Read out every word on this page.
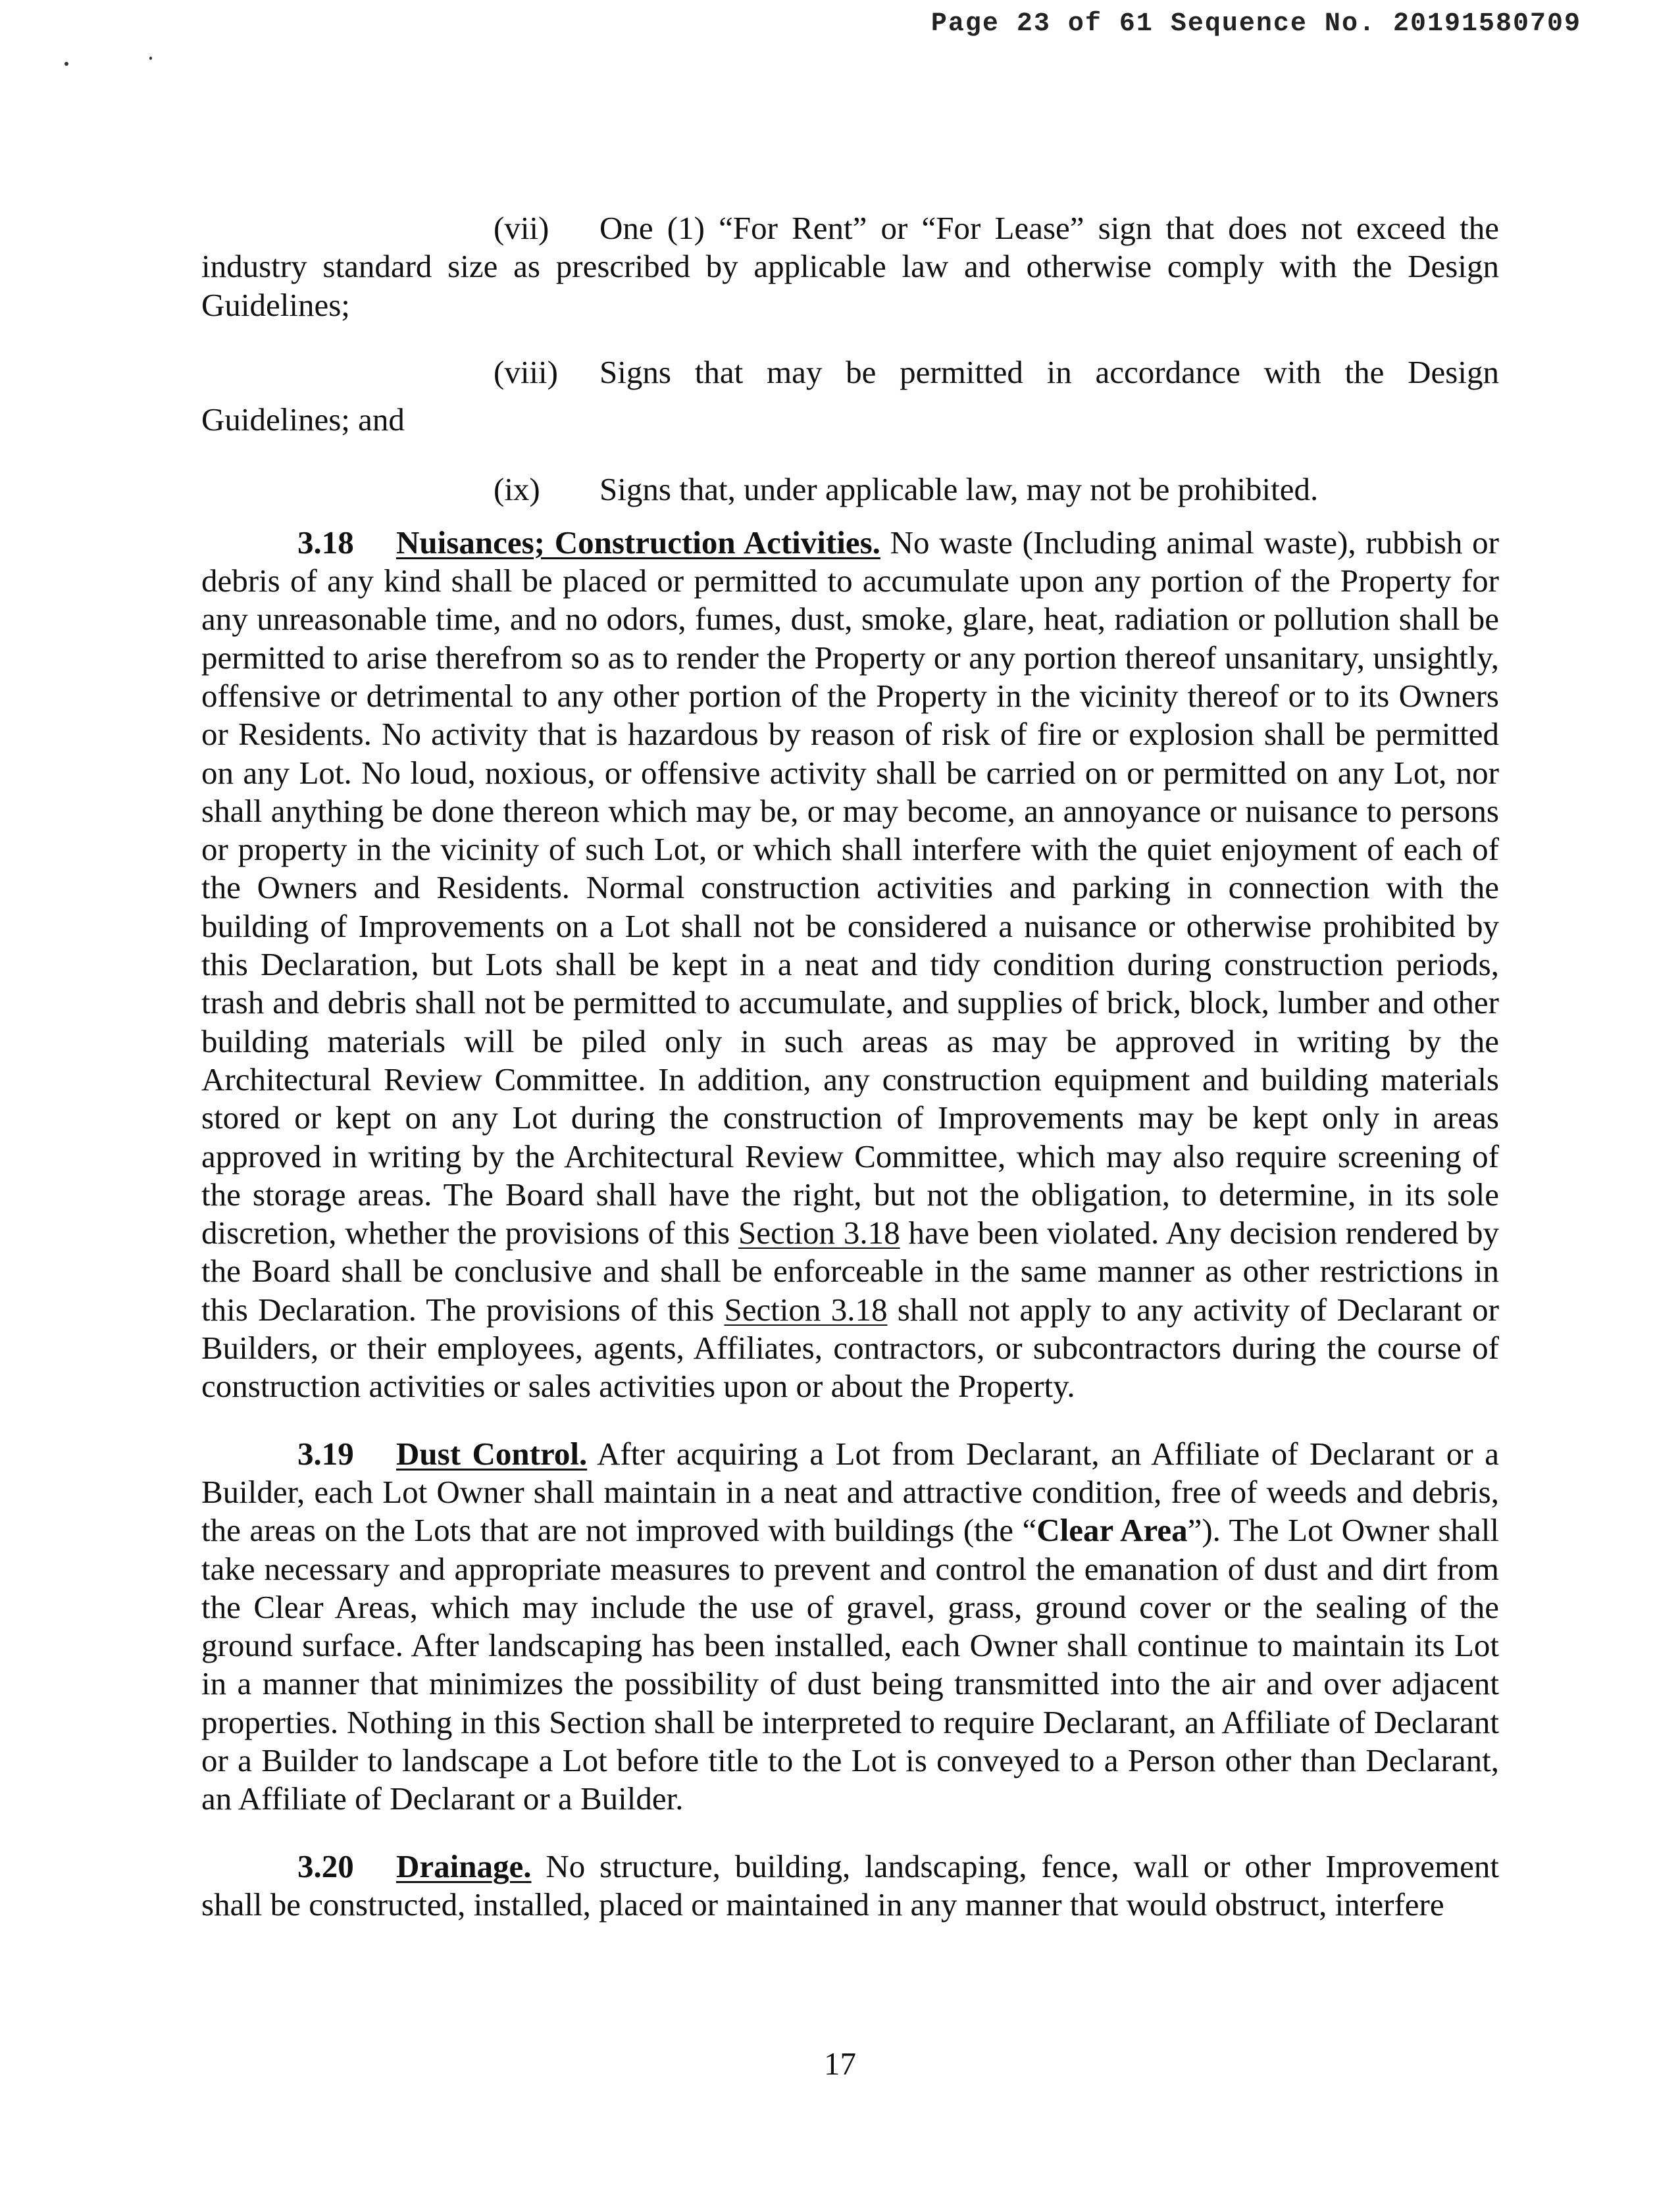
Page 23 of 61 Sequence No. 20191580709
(vii) One (1) “For Rent” or “For Lease” sign that does not exceed the industry standard size as prescribed by applicable law and otherwise comply with the Design Guidelines;
(viii) Signs that may be permitted in accordance with the Design
Guidelines; and
(ix) Signs that, under applicable law, may not be prohibited.

3.18 Nuisances; Construction Activities. No waste (Including animal waste), rubbish or debris of any kind shall be placed or permitted to accumulate upon any portion of the Property for any unreasonable time, and no odors, fumes, dust, smoke, glare, heat, radiation or pollution shall be permitted to arise therefrom so as to render the Property or any portion thereof unsanitary, unsightly, offensive or detrimental to any other portion of the Property in the vicinity thereof or to its Owners or Residents. No activity that is hazardous by reason of risk of fire or explosion shall be permitted on any Lot. No loud, noxious, or offensive activity shall be carried on or permitted on any Lot, nor shall anything be done thereon which may be, or may become, an annoyance or nuisance to persons or property in the vicinity of such Lot, or which shall interfere with the quiet enjoyment of each of the Owners and Residents. Normal construction activities and parking in connection with the building of Improvements on a Lot shall not be considered a nuisance or otherwise prohibited by this Declaration, but Lots shall be kept in a neat and tidy condition during construction periods, trash and debris shall not be permitted to accumulate, and supplies of brick, block, lumber and other building materials will be piled only in such areas as may be approved in writing by the Architectural Review Committee. In addition, any construction equipment and building materials stored or kept on any Lot during the construction of Improvements may be kept only in areas approved in writing by the Architectural Review Committee, which may also require screening of the storage areas. The Board shall have the right, but not the obligation, to determine, in its sole discretion, whether the provisions of this Section 3.18 have been violated. Any decision rendered by the Board shall be conclusive and shall be enforceable in the same manner as other restrictions in this Declaration. The provisions of this Section 3.18 shall not apply to any activity of Declarant or Builders, or their employees, agents, Affiliates, contractors, or subcontractors during the course of construction activities or sales activities upon or about the Property.

3.19 Dust Control. After acquiring a Lot from Declarant, an Affiliate of Declarant or a Builder, each Lot Owner shall maintain in a neat and attractive condition, free of weeds and debris, the areas on the Lots that are not improved with buildings (the “Clear Area”). The Lot Owner shall take necessary and appropriate measures to prevent and control the emanation of dust and dirt from the Clear Areas, which may include the use of gravel, grass, ground cover or the sealing of the ground surface. After landscaping has been installed, each Owner shall continue to maintain its Lot in a manner that minimizes the possibility of dust being transmitted into the air and over adjacent properties. Nothing in this Section shall be interpreted to require Declarant, an Affiliate of Declarant or a Builder to landscape a Lot before title to the Lot is conveyed to a Person other than Declarant, an Affiliate of Declarant or a Builder.

3.20 Drainage. No structure, building, landscaping, fence, wall or other Improvement shall be constructed, installed, placed or maintained in any manner that would obstruct, interfere

17
